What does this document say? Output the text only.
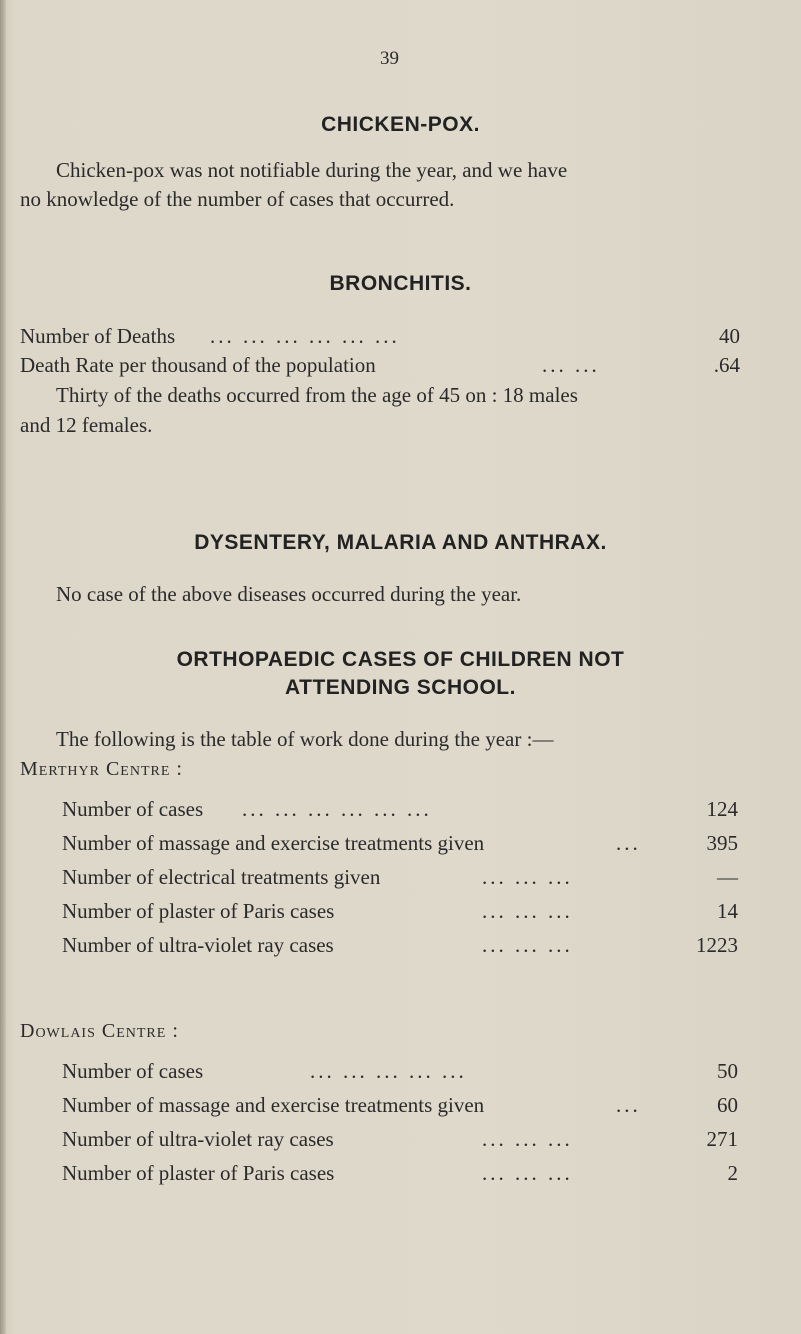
39
CHICKEN-POX.
Chicken-pox was not notifiable during the year, and we have
no knowledge of the number of cases that occurred.
BRONCHITIS.
Number of Deaths ... ... ... ... ... ...	40
Death Rate per thousand of the population	... ...	.64
Thirty of the deaths occurred from the age of 45 on : 18 males
and 12 females.
DYSENTERY, MALARIA AND ANTHRAX.
No case of the above diseases occurred during the year.
ORTHOPAEDIC CASES OF CHILDREN NOT
ATTENDING SCHOOL.
The following is the table of work done during the year :—
Merthyr Centre :
Number of cases ... ... ... ... ... ...	124
Number of massage and exercise treatments given	...	395
Number of electrical treatments given	... ... ...	—
Number of plaster of Paris cases	... ... ...	14
Number of ultra-violet ray cases	... ... ...	1223
Dowlais Centre :
Number of cases	... ... ... ... ...	50
Number of massage and exercise treatments given	...	60
Number of ultra-violet ray cases	... ... ...	271
Number of plaster of Paris cases	... ... ...	2
